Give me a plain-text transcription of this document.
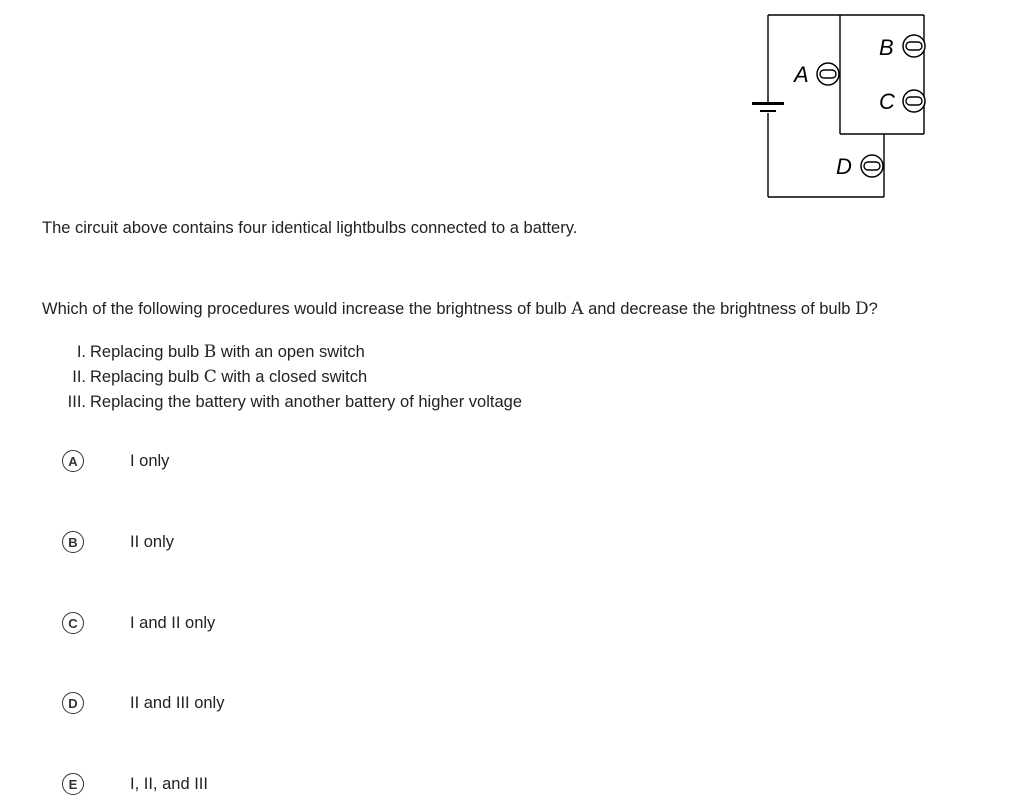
A
B
C
D
The circuit above contains four identical lightbulbs connected to a battery.
Which of the following procedures would increase the brightness of bulb A and decrease the brightness of bulb D?
I. Replacing bulb B with an open switch
II. Replacing bulb C with a closed switch
III. Replacing the battery with another battery of higher voltage
A	I only
B	II only
C	I and II only
D	II and III only
E	I, II, and III
